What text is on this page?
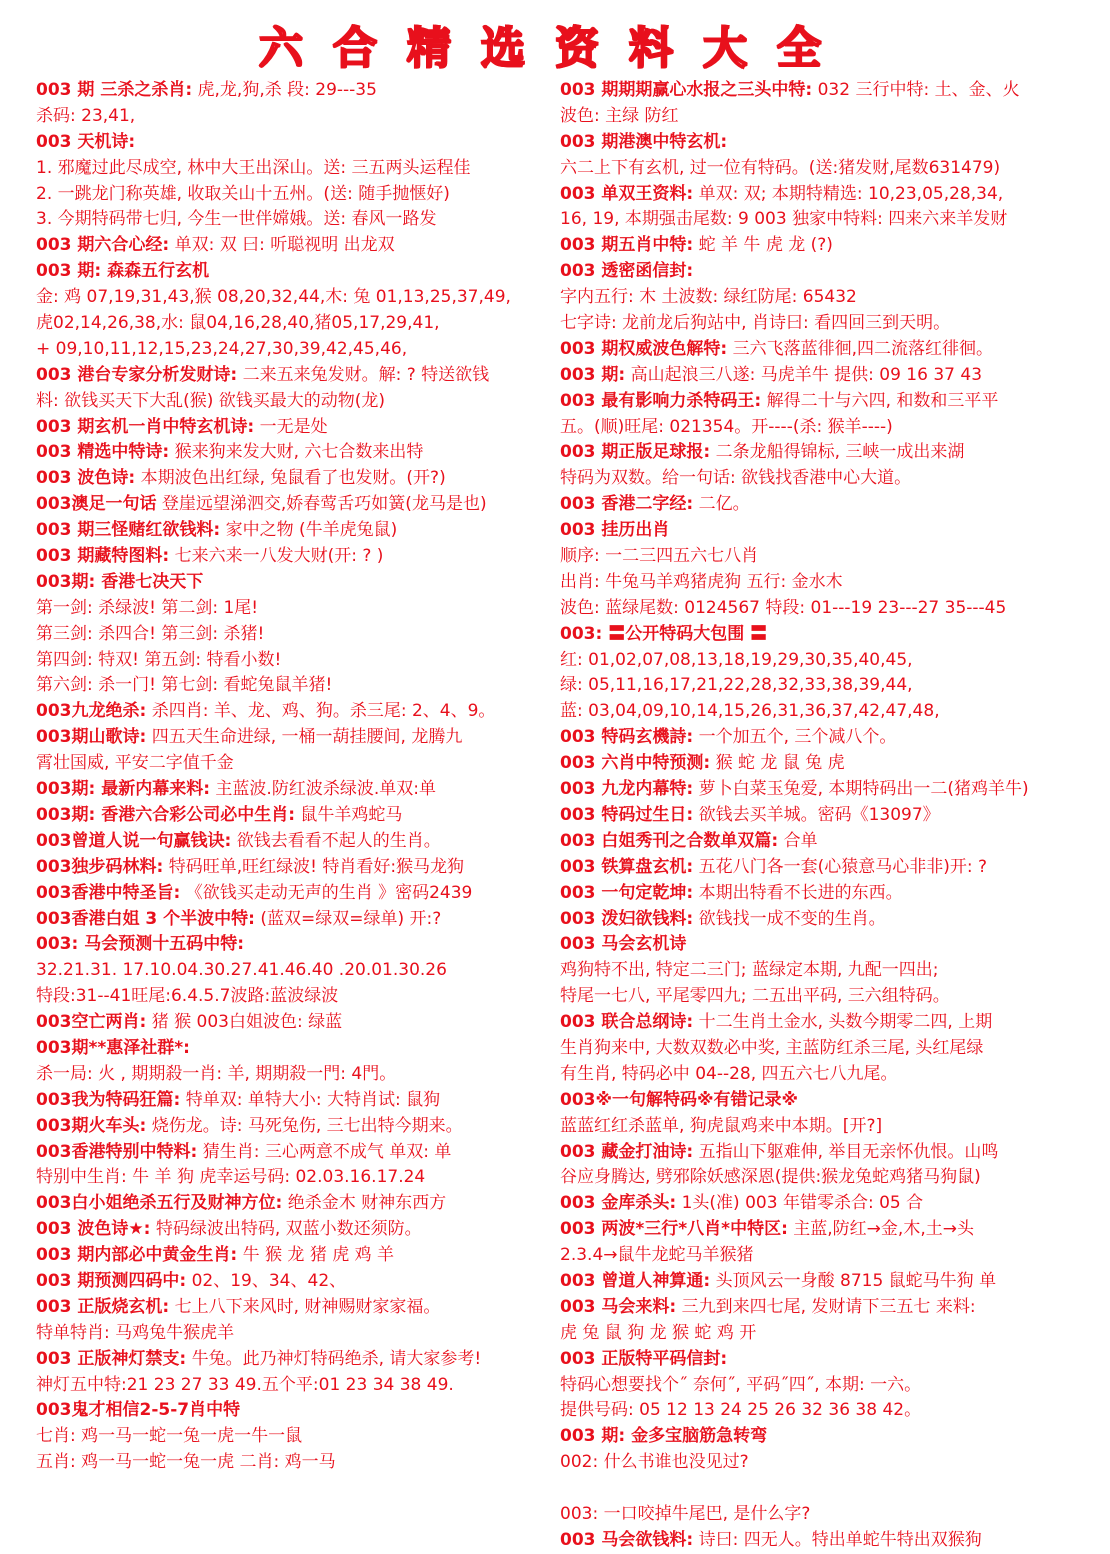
六合精选资料大全
003 期 三杀之杀肖: 虎,龙,狗,杀 段: 29---35
杀码: 23,41,
003 天机诗:
1. 邪魔过此尽成空, 林中大王出深山。送: 三五两头运程佳
2. 一跳龙门称英雄, 收取关山十五州。(送: 随手抛惬好)
3. 今期特码带七归, 今生一世伴嫦娥。送: 春风一路发
003 期六合心经: 单双: 双 曰: 听聪视明 出龙双
003 期: 森森五行玄机
金: 鸡 07,19,31,43,猴 08,20,32,44,木: 兔 01,13,25,37,49,
虎02,14,26,38,水: 鼠04,16,28,40,猪05,17,29,41,
+ 09,10,11,12,15,23,24,27,30,39,42,45,46,
003 港台专家分析发财诗: 二来五来兔发财。解: ? 特送欲钱
料: 欲钱买天下大乱(猴) 欲钱买最大的动物(龙)
003 期玄机一肖中特玄机诗: 一无是处
003 精选中特诗: 猴来狗来发大财, 六七合数来出特
003 波色诗: 本期波色出红绿, 兔鼠看了也发财。(开?)
003澳足一句话 登崖远望涕泗交,娇春莺舌巧如簧(龙马是也)
003 期三怪赌红欲钱料: 家中之物 (牛羊虎兔鼠)
003 期藏特图料: 七来六来一八发大财(开: ? )
003期: 香港七决天下
第一剑: 杀绿波! 第二剑: 1尾!
第三剑: 杀四合! 第三剑: 杀猪!
第四剑: 特双! 第五剑: 特看小数!
第六剑: 杀一门! 第七剑: 看蛇兔鼠羊猪!
003九龙绝杀: 杀四肖: 羊、龙、鸡、狗。杀三尾: 2、4、9。
003期山歌诗: 四五天生命进绿, 一桶一葫挂腰间, 龙腾九
霄壮国威, 平安二字值千金
003期: 最新内幕来料: 主蓝波.防红波杀绿波.单双:单
003期: 香港六合彩公司必中生肖: 鼠牛羊鸡蛇马
003曾道人说一句赢钱诀: 欲钱去看看不起人的生肖。
003独步码林料: 特码旺单,旺红绿波! 特肖看好:猴马龙狗
003香港中特圣旨: 《欲钱买走动无声的生肖 》密码2439
003香港白姐 3 个半波中特: (蓝双=绿双=绿单) 开:?
003: 马会预测十五码中特:
32.21.31. 17.10.04.30.27.41.46.40 .20.01.30.26
特段:31--41旺尾:6.4.5.7波路:蓝波绿波
003空亡两肖: 猪 猴 003白姐波色: 绿蓝
003期**惠泽社群*:
杀一局: 火 , 期期殺一肖: 羊, 期期殺一門: 4門。
003我为特码狂篇: 特单双: 单特大小: 大特肖试: 鼠狗
003期火车头: 烧伤龙。诗: 马死兔伤, 三七出特今期来。
003香港特别中特料: 猜生肖: 三心两意不成气 单双: 单
特别中生肖: 牛 羊 狗 虎幸运号码: 02.03.16.17.24
003白小姐绝杀五行及财神方位: 绝杀金木 财神东西方
003 波色诗★: 特码绿波出特码, 双蓝小数还须防。
003 期内部必中黄金生肖: 牛 猴 龙 猪 虎 鸡 羊
003 期预测四码中: 02、19、34、42、
003 正版烧玄机: 七上八下来风时, 财神赐财家家福。
特单特肖: 马鸡兔牛猴虎羊
003 正版神灯禁支: 牛兔。此乃神灯特码绝杀, 请大家参考!
神灯五中特:21 23 27 33 49.五个平:01 23 34 38 49.
003鬼才相信2-5-7肖中特
七肖: 鸡一马一蛇一兔一虎一牛一鼠
五肖: 鸡一马一蛇一兔一虎 二肖: 鸡一马
003 期期期赢心水报之三头中特: 032 三行中特: 土、金、火
波色: 主绿 防红
003 期港澳中特玄机:
六二上下有玄机, 过一位有特码。(送:猪发财,尾数631479)
003 单双王资料: 单双: 双; 本期特精选: 10,23,05,28,34,
16, 19, 本期强击尾数: 9 003 独家中特料: 四来六来羊发财
003 期五肖中特: 蛇 羊 牛 虎 龙 (?)
003 透密函信封:
字内五行: 木 土波数: 绿红防尾: 65432
七字诗: 龙前龙后狗站中, 肖诗曰: 看四回三到天明。
003 期权威波色解特: 三六飞落蓝徘徊,四二流落红徘徊。
003 期: 高山起浪三八遂: 马虎羊牛 提供: 09 16 37 43
003 最有影响力杀特码王: 解得二十与六四, 和数和三平平
五。(顺)旺尾: 021354。开----(杀: 猴羊----)
003 期正版足球报: 二条龙船得锦标, 三峡一成出来湖
特码为双数。给一句话: 欲钱找香港中心大道。
003 香港二字经: 二亿。
003 挂历出肖
顺序: 一二三四五六七八肖
出肖: 牛兔马羊鸡猪虎狗 五行: 金水木
波色: 蓝绿尾数: 0124567 特段: 01---19 23---27 35---45
003: 〓公开特码大包围 〓
红: 01,02,07,08,13,18,19,29,30,35,40,45,
绿: 05,11,16,17,21,22,28,32,33,38,39,44,
蓝: 03,04,09,10,14,15,26,31,36,37,42,47,48,
003 特码玄機詩: 一个加五个, 三个减八个。
003 六肖中特预测: 猴 蛇 龙 鼠 兔 虎
003 九龙内幕特: 萝卜白菜玉兔爱, 本期特码出一二(猪鸡羊牛)
003 特码过生日: 欲钱去买羊城。密码《13097》
003 白姐秀刊之合数单双篇: 合单
003 铁算盘玄机: 五花八门各一套(心猿意马心非非)开: ?
003 一句定乾坤: 本期出特看不长进的东西。
003 泼妇欲钱料: 欲钱找一成不变的生肖。
003 马会玄机诗
鸡狗特不出, 特定二三门; 蓝绿定本期, 九配一四出;
特尾一七八, 平尾零四九; 二五出平码, 三六组特码。
003 联合总纲诗: 十二生肖土金水, 头数今期零二四, 上期
生肖狗来中, 大数双数必中奖, 主蓝防红杀三尾, 头红尾绿
有生肖, 特码必中 04--28, 四五六七八九尾。
003※一句解特码※有错记录※
蓝蓝红红杀蓝单, 狗虎鼠鸡来中本期。[开?]
003 藏金打油诗: 五指山下躯难伸, 举目无亲怀仇恨。山鸣
谷应身腾达, 劈邪除妖感深恩(提供:猴龙兔蛇鸡猪马狗鼠)
003 金库杀头: 1头(准) 003 年错零杀合: 05 合
003 两波*三行*八肖*中特区: 主蓝,防红→金,木,土→头
2.3.4→鼠牛龙蛇马羊猴猪
003 曾道人神算通: 头顶风云一身酸 8715 鼠蛇马牛狗 单
003 马会来料: 三九到来四七尾, 发财请下三五七 来料:
虎 兔 鼠 狗 龙 猴 蛇 鸡 开
003 正版特平码信封:
特码心想要找个˝ 奈何˝, 平码˝四˝, 本期: 一六。
提供号码: 05 12 13 24 25 26 32 36 38 42。
003 期: 金多宝脑筋急转弯
002: 什么书谁也没见过?
003: 一口咬掉牛尾巴, 是什么字?
003 马会欲钱料: 诗曰: 四无人。特出单蛇牛特出双猴狗
